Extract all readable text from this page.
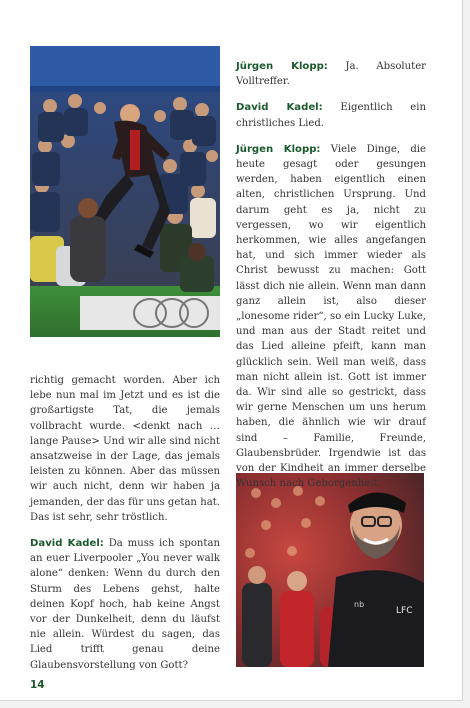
LFC
nb

Jürgen Klopp: Ja. Absoluter Volltreffer.

David Kadel: Eigentlich ein christliches Lied.

Jürgen Klopp: Viele Dinge, die heute gesagt oder gesungen werden, haben eigentlich einen alten, christlichen Ursprung. Und darum geht es ja, nicht zu vergessen, wo wir eigentlich herkommen, wie alles angefangen hat, und sich immer wieder als Christ bewusst zu machen: Gott lässt dich nie allein. Wenn man dann ganz allein ist, also dieser „lonesome rider“, so ein Lucky Luke, und man aus der Stadt reitet und das Lied alleine pfeift, kann man glücklich sein. Weil man weiß, dass man nicht allein ist. Gott ist immer da. Wir sind alle so gestrickt, dass wir gerne Menschen um uns herum haben, die ähnlich wie wir drauf sind – Familie, Freunde, Glaubensbrüder. Irgendwie ist das von der Kindheit an immer derselbe Wunsch nach Geborgenheit.

richtig gemacht worden. Aber ich lebe nun mal im Jetzt und es ist die großartigste Tat, die jemals vollbracht wurde. <denkt nach … lange Pause> Und wir alle sind nicht ansatzweise in der Lage, das jemals leisten zu können. Aber das müssen wir auch nicht, denn wir haben ja jemanden, der das für uns getan hat. Das ist sehr, sehr tröstlich.

David Kadel: Da muss ich spontan an euer Liverpooler „You never walk alone“ denken: Wenn du durch den Sturm des Lebens gehst, halte deinen Kopf hoch, hab keine Angst vor der Dunkelheit, denn du läufst nie allein. Würdest du sagen, das Lied trifft genau deine Glaubensvorstellung von Gott?

14
